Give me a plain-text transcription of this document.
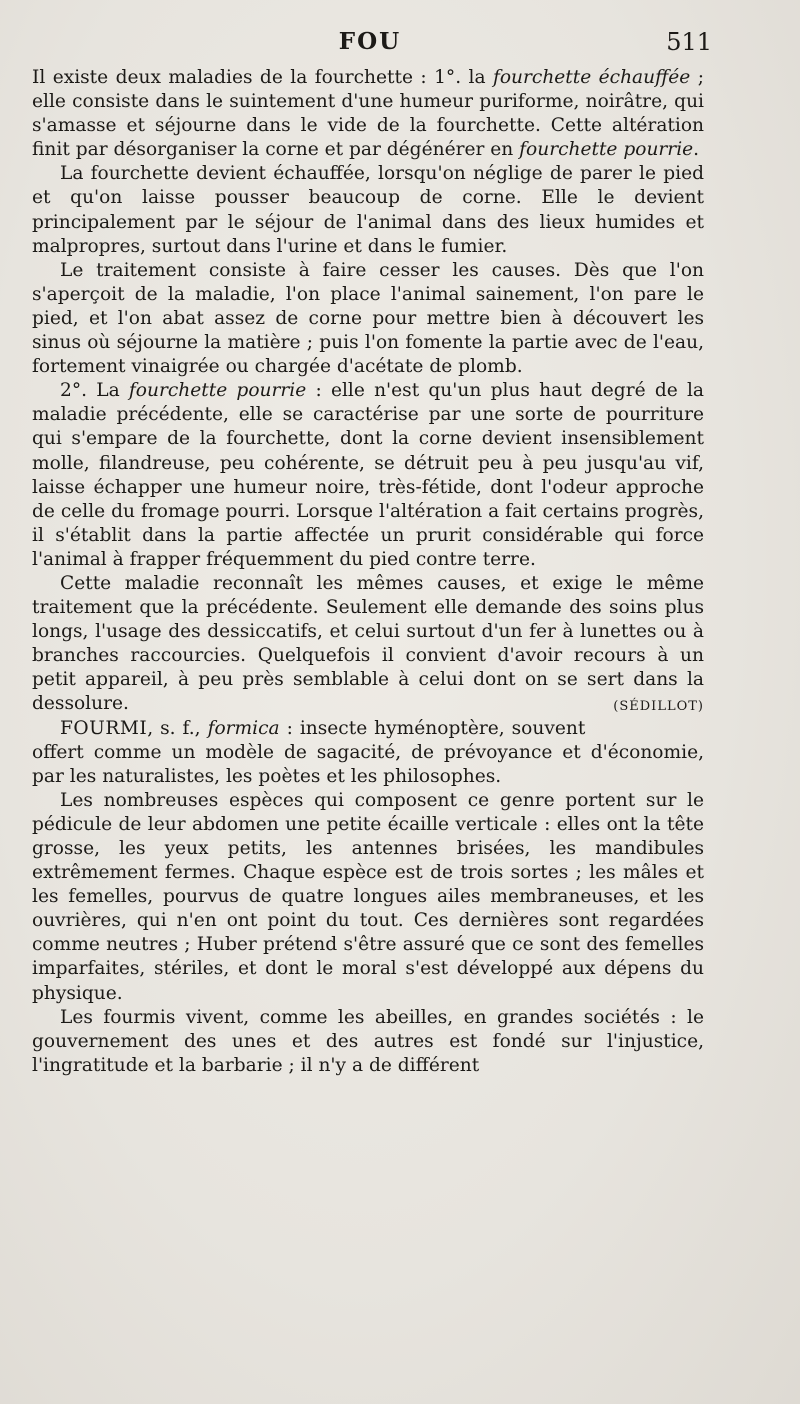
FOU	511

Il existe deux maladies de la fourchette : 1°. la fourchette échauffée ; elle consiste dans le suintement d'une humeur puriforme, noirâtre, qui s'amasse et séjourne dans le vide de la fourchette. Cette altération finit par désorganiser la corne et par dégénérer en fourchette pourrie.

La fourchette devient échauffée, lorsqu'on néglige de parer le pied et qu'on laisse pousser beaucoup de corne. Elle le devient principalement par le séjour de l'animal dans des lieux humides et malpropres, surtout dans l'urine et dans le fumier.

Le traitement consiste à faire cesser les causes. Dès que l'on s'aperçoit de la maladie, l'on place l'animal sainement, l'on pare le pied, et l'on abat assez de corne pour mettre bien à découvert les sinus où séjourne la matière ; puis l'on fomente la partie avec de l'eau, fortement vinaigrée ou chargée d'acétate de plomb.

2°. La fourchette pourrie : elle n'est qu'un plus haut degré de la maladie précédente, elle se caractérise par une sorte de pourriture qui s'empare de la fourchette, dont la corne devient insensiblement molle, filandreuse, peu cohérente, se détruit peu à peu jusqu'au vif, laisse échapper une humeur noire, très-fétide, dont l'odeur approche de celle du fromage pourri. Lorsque l'altération a fait certains progrès, il s'établit dans la partie affectée un prurit considérable qui force l'animal à frapper fréquemment du pied contre terre.

Cette maladie reconnaît les mêmes causes, et exige le même traitement que la précédente. Seulement elle demande des soins plus longs, l'usage des dessiccatifs, et celui surtout d'un fer à lunettes ou à branches raccourcies. Quelquefois il convient d'avoir recours à un petit appareil, à peu près semblable à celui dont on se sert dans la dessolure.	(SÉDILLOT)

FOURMI, s. f., formica : insecte hyménoptère, souvent offert comme un modèle de sagacité, de prévoyance et d'économie, par les naturalistes, les poètes et les philosophes.

Les nombreuses espèces qui composent ce genre portent sur le pédicule de leur abdomen une petite écaille verticale : elles ont la tête grosse, les yeux petits, les antennes brisées, les mandibules extrêmement fermes. Chaque espèce est de trois sortes ; les mâles et les femelles, pourvus de quatre longues ailes membraneuses, et les ouvrières, qui n'en ont point du tout. Ces dernières sont regardées comme neutres ; Huber prétend s'être assuré que ce sont des femelles imparfaites, stériles, et dont le moral s'est développé aux dépens du physique.

Les fourmis vivent, comme les abeilles, en grandes sociétés : le gouvernement des unes et des autres est fondé sur l'injustice, l'ingratitude et la barbarie ; il n'y a de différent
